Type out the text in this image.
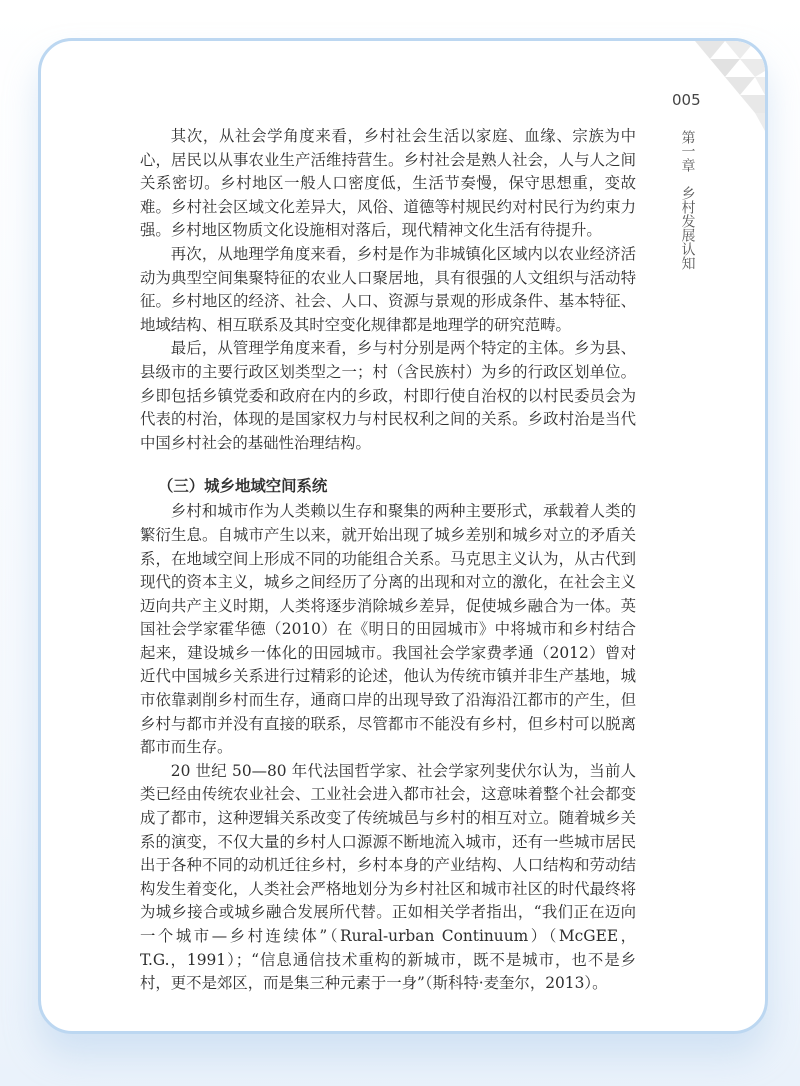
005
第一章
乡村发展认知

其次，从社会学角度来看，乡村社会生活以家庭、血缘、宗族为中心，居民以从事农业生产活维持营生。乡村社会是熟人社会，人与人之间关系密切。乡村地区一般人口密度低，生活节奏慢，保守思想重，变故难。乡村社会区域文化差异大，风俗、道德等村规民约对村民行为约束力强。乡村地区物质文化设施相对落后，现代精神文化生活有待提升。

再次，从地理学角度来看，乡村是作为非城镇化区域内以农业经济活动为典型空间集聚特征的农业人口聚居地，具有很强的人文组织与活动特征。乡村地区的经济、社会、人口、资源与景观的形成条件、基本特征、地域结构、相互联系及其时空变化规律都是地理学的研究范畴。

最后，从管理学角度来看，乡与村分别是两个特定的主体。乡为县、县级市的主要行政区划类型之一；村（含民族村）为乡的行政区划单位。乡即包括乡镇党委和政府在内的乡政，村即行使自治权的以村民委员会为代表的村治，体现的是国家权力与村民权利之间的关系。乡政村治是当代中国乡村社会的基础性治理结构。

（三）城乡地域空间系统

乡村和城市作为人类赖以生存和聚集的两种主要形式，承载着人类的繁衍生息。自城市产生以来，就开始出现了城乡差别和城乡对立的矛盾关系，在地域空间上形成不同的功能组合关系。马克思主义认为，从古代到现代的资本主义，城乡之间经历了分离的出现和对立的激化，在社会主义迈向共产主义时期，人类将逐步消除城乡差异，促使城乡融合为一体。英国社会学家霍华德（2010）在《明日的田园城市》中将城市和乡村结合起来，建设城乡一体化的田园城市。我国社会学家费孝通（2012）曾对近代中国城乡关系进行过精彩的论述，他认为传统市镇并非生产基地，城市依靠剥削乡村而生存，通商口岸的出现导致了沿海沿江都市的产生，但乡村与都市并没有直接的联系，尽管都市不能没有乡村，但乡村可以脱离都市而生存。

20 世纪 50—80 年代法国哲学家、社会学家列斐伏尔认为，当前人类已经由传统农业社会、工业社会进入都市社会，这意味着整个社会都变成了都市，这种逻辑关系改变了传统城邑与乡村的相互对立。随着城乡关系的演变，不仅大量的乡村人口源源不断地流入城市，还有一些城市居民出于各种不同的动机迁往乡村，乡村本身的产业结构、人口结构和劳动结构发生着变化，人类社会严格地划分为乡村社区和城市社区的时代最终将为城乡接合或城乡融合发展所代替。正如相关学者指出，“我们正在迈向一个城市—乡村连续体”（Rural-urban Continuum）（McGEE，T.G.，1991）；“信息通信技术重构的新城市，既不是城市，也不是乡村，更不是郊区，而是集三种元素于一身”（斯科特·麦奎尔，2013）。
